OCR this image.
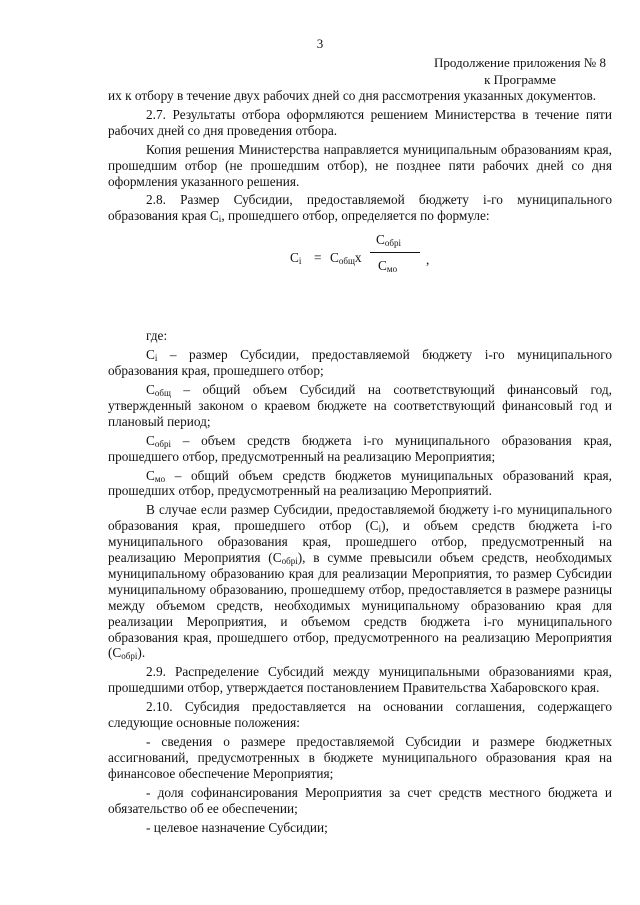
3
Продолжение приложения № 8
к Программе

их к отбору в течение двух рабочих дней со дня рассмотрения указанных документов.

2.7. Результаты отбора оформляются решением Министерства в течение пяти рабочих дней со дня проведения отбора.

Копия решения Министерства направляется муниципальным образованиям края, прошедшим отбор (не прошедшим отбор), не позднее пяти рабочих дней со дня оформления указанного решения.

2.8. Размер Субсидии, предоставляемой бюджету i-го муниципального образования края $C_i$, прошедшего отбор, определяется по формуле:

$C_i = C_{общ}x$
$C_{обрi}$
$C_{мо}$
,

где:

$C_i$ – размер Субсидии, предоставляемой бюджету i-го муниципального образования края, прошедшего отбор;

$C_{общ}$ – общий объем Субсидий на соответствующий финансовый год, утвержденный законом о краевом бюджете на соответствующий финансовый год и плановый период;

$C_{обрi}$ – объем средств бюджета i-го муниципального образования края, прошедшего отбор, предусмотренный на реализацию Мероприятия;

$C_{мо}$ – общий объем средств бюджетов муниципальных образований края, прошедших отбор, предусмотренный на реализацию Мероприятий.

В случае если размер Субсидии, предоставляемой бюджету i-го муниципального образования края, прошедшего отбор $(C_i)$, и объем средств бюджета i-го муниципального образования края, прошедшего отбор, предусмотренный на реализацию Мероприятия $(C_{обрi})$, в сумме превысили объем средств, необходимых муниципальному образованию края для реализации Мероприятия, то размер Субсидии муниципальному образованию, прошедшему отбор, предоставляется в размере разницы между объемом средств, необходимых муниципальному образованию края для реализации Мероприятия, и объемом средств бюджета i-го муниципального образования края, прошедшего отбор, предусмотренного на реализацию Мероприятия $(C_{обрi})$.

2.9. Распределение Субсидий между муниципальными образованиями края, прошедшими отбор, утверждается постановлением Правительства Хабаровского края.

2.10. Субсидия предоставляется на основании соглашения, содержащего следующие основные положения:

- сведения о размере предоставляемой Субсидии и размере бюджетных ассигнований, предусмотренных в бюджете муниципального образования края на финансовое обеспечение Мероприятия;

- доля софинансирования Мероприятия за счет средств местного бюджета и обязательство об ее обеспечении;

- целевое назначение Субсидии;
